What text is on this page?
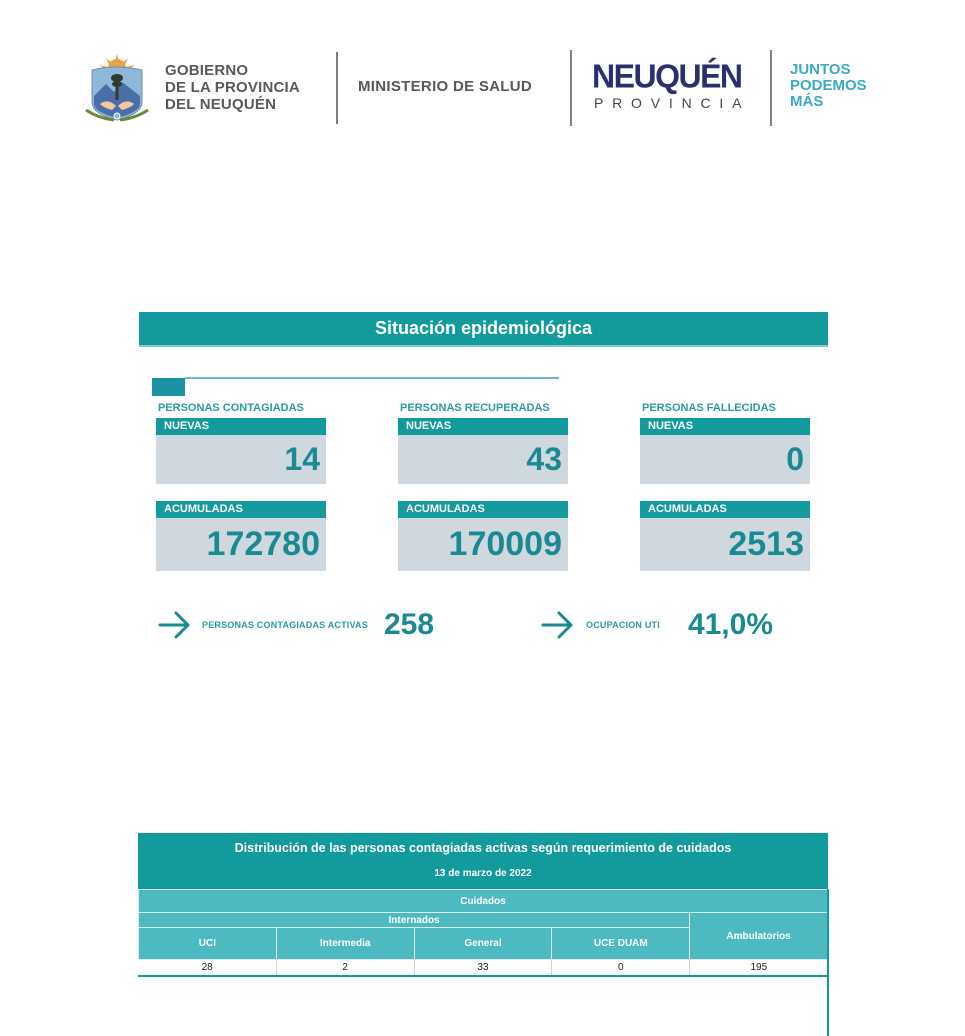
GOBIERNO
DE LA PROVINCIA
DEL NEUQUÉN
MINISTERIO DE SALUD NEUQUÉN
PROVINCIA
JUNTOS
PODEMOS
MÁS
Situación epidemiológica
PERSONAS CONTAGIADAS
NUEVAS
14
ACUMULADAS
172780
PERSONAS RECUPERADAS
NUEVAS
43
ACUMULADAS
170009
PERSONAS FALLECIDAS
NUEVAS
0
ACUMULADAS
2513
PERSONAS CONTAGIADAS ACTIVAS 258	OCUPACION UTI 41,0%
Distribución de las personas contagiadas activas según requerimiento de cuidados
13 de marzo de 2022
Cuidados				
Internados				Ambulatorios
UCI	Intermedia	General	UCE DUAM	
28	2	33	0	195
